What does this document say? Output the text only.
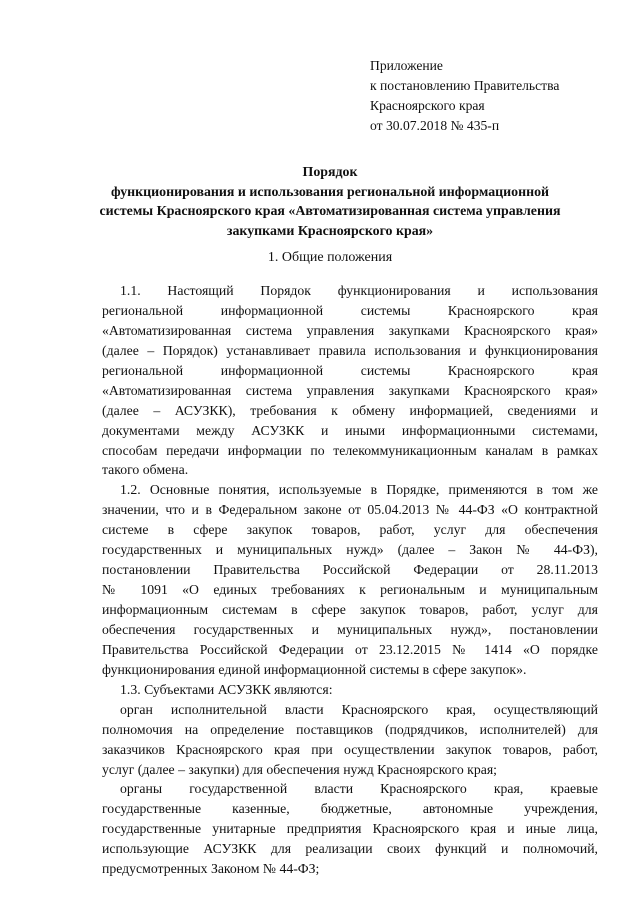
Приложение
к постановлению Правительства
Красноярского края
от 30.07.2018 № 435-п
Порядок
функционирования и использования региональной информационной
системы Красноярского края «Автоматизированная система управления
закупками Красноярского края»
1. Общие положения
1.1. Настоящий Порядок функционирования и использования
региональной информационной системы Красноярского края
«Автоматизированная система управления закупками Красноярского края»
(далее – Порядок) устанавливает правила использования и функционирования
региональной информационной системы Красноярского края
«Автоматизированная система управления закупками Красноярского края»
(далее – АСУЗКК), требования к обмену информацией, сведениями и
документами между АСУЗКК и иными информационными системами,
способам передачи информации по телекоммуникационным каналам в рамках
такого обмена.
1.2. Основные понятия, используемые в Порядке, применяются в том же
значении, что и в Федеральном законе от 05.04.2013 № 44-ФЗ «О контрактной
системе в сфере закупок товаров, работ, услуг для обеспечения
государственных и муниципальных нужд» (далее – Закон № 44-ФЗ),
постановлении Правительства Российской Федерации от 28.11.2013
№ 1091 «О единых требованиях к региональным и муниципальным
информационным системам в сфере закупок товаров, работ, услуг для
обеспечения государственных и муниципальных нужд», постановлении
Правительства Российской Федерации от 23.12.2015 № 1414 «О порядке
функционирования единой информационной системы в сфере закупок».
1.3. Субъектами АСУЗКК являются:
орган исполнительной власти Красноярского края, осуществляющий
полномочия на определение поставщиков (подрядчиков, исполнителей) для
заказчиков Красноярского края при осуществлении закупок товаров, работ,
услуг (далее – закупки) для обеспечения нужд Красноярского края;
органы государственной власти Красноярского края, краевые
государственные казенные, бюджетные, автономные учреждения,
государственные унитарные предприятия Красноярского края и иные лица,
использующие АСУЗКК для реализации своих функций и полномочий,
предусмотренных Законом № 44-ФЗ;
